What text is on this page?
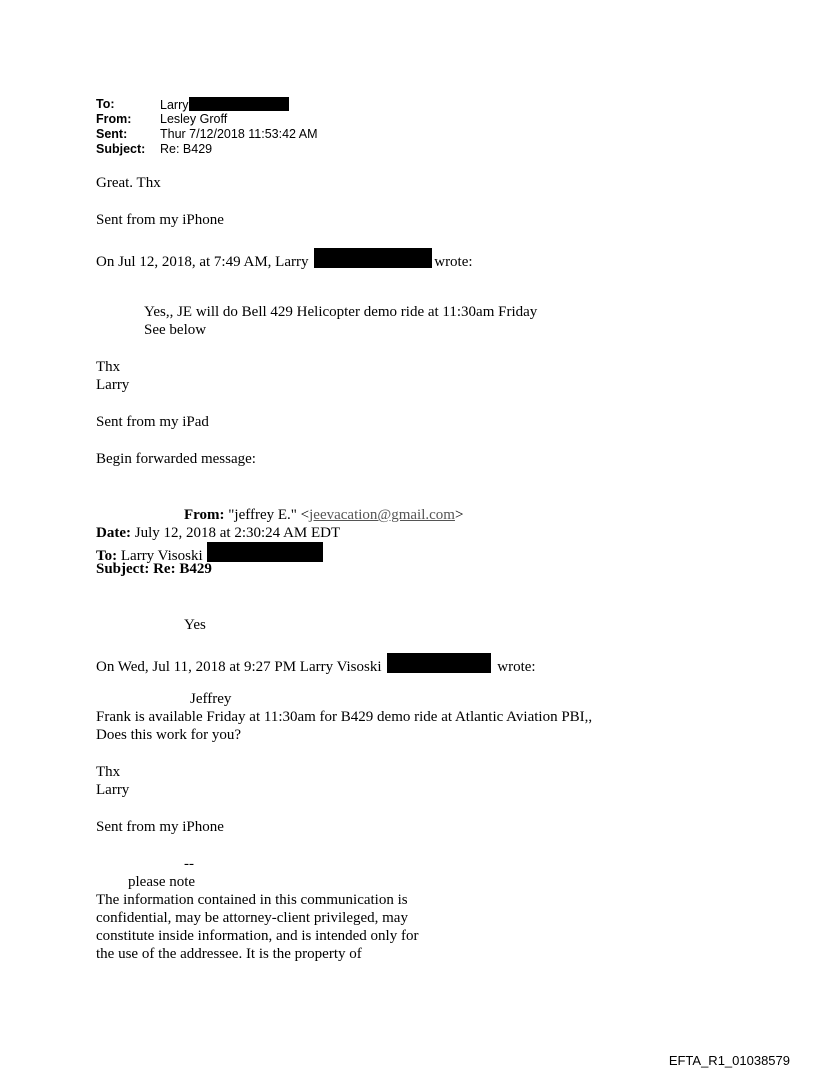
To:	Larry
From: Lesley Groff
Sent:	Thur 7/12/2018 11:53:42 AM
Subject: Re: B429
Great. Thx
Sent from my iPhone
On Jul 12, 2018, at 7:49 AM, Larry	wrote:
Yes,, JE will do Bell 429 Helicopter demo ride at 11:30am Friday
See below
Thx
Larry
Sent from my iPad
Begin forwarded message:
From: "jeffrey E." <jeevacation@gmail.com>
Date: July 12, 2018 at 2:30:24 AM EDT
To: Larry Visoski
Subject: Re: B429
Yes
On Wed, Jul 11, 2018 at 9:27 PM Larry Visoski	wrote:
Jeffrey
Frank is available Friday at 11:30am for B429 demo ride at Atlantic Aviation PBI,,
Does this work for you?
Thx
Larry
Sent from my iPhone
--
please note
The information contained in this communication is
confidential, may be attorney-client privileged, may
constitute inside information, and is intended only for
the use of the addressee. It is the property of
EFTA_R1_01038579
